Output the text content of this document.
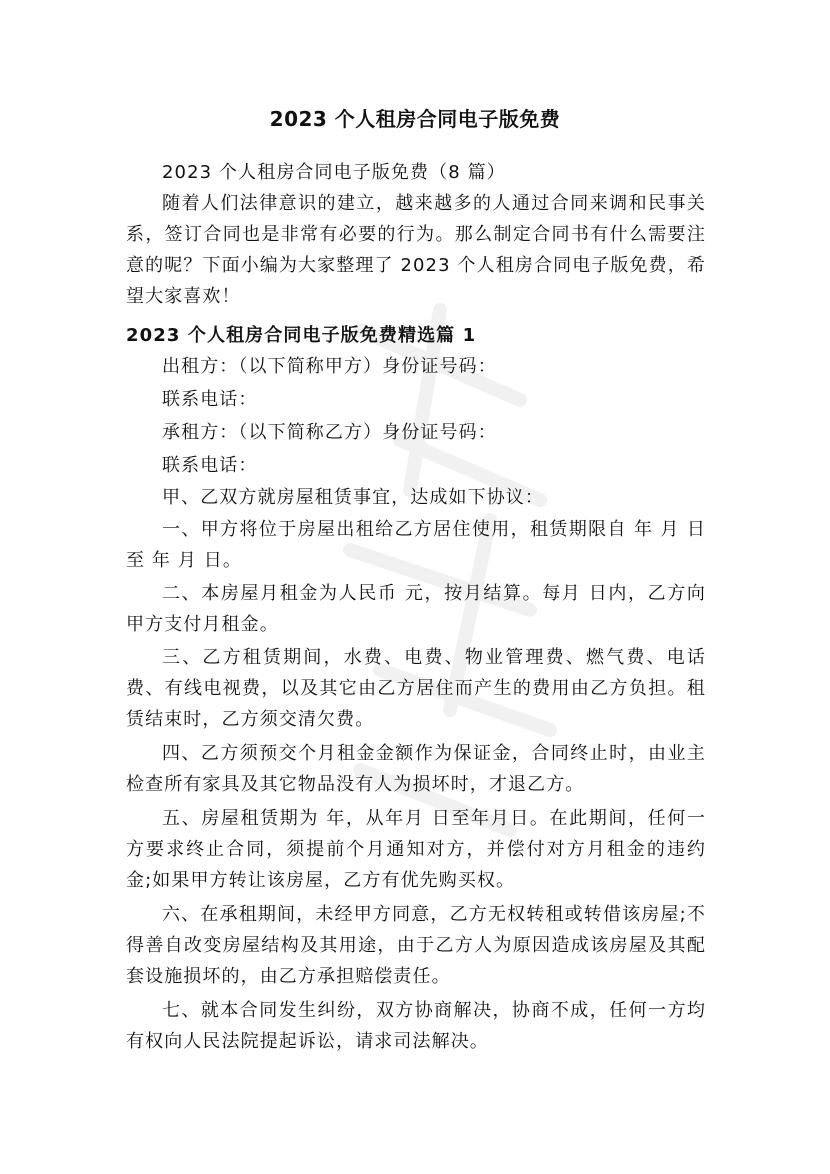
2023 个人租房合同电子版免费

2023 个人租房合同电子版免费（8 篇）

随着人们法律意识的建立，越来越多的人通过合同来调和民事关系，签订合同也是非常有必要的行为。那么制定合同书有什么需要注意的呢？下面小编为大家整理了 2023 个人租房合同电子版免费，希望大家喜欢！

2023 个人租房合同电子版免费精选篇 1

出租方：（以下简称甲方）身份证号码：

联系电话：

承租方：（以下简称乙方）身份证号码：

联系电话：

甲、乙双方就房屋租赁事宜，达成如下协议：

一、甲方将位于房屋出租给乙方居住使用，租赁期限自 年 月 日至 年 月 日。

二、本房屋月租金为人民币 元，按月结算。每月 日内，乙方向甲方支付月租金。

三、乙方租赁期间，水费、电费、物业管理费、燃气费、电话费、有线电视费，以及其它由乙方居住而产生的费用由乙方负担。租赁结束时，乙方须交清欠费。

四、乙方须预交个月租金金额作为保证金，合同终止时，由业主检查所有家具及其它物品没有人为损坏时，才退乙方。

五、房屋租赁期为 年，从年月 日至年月日。在此期间，任何一方要求终止合同，须提前个月通知对方，并偿付对方月租金的违约金;如果甲方转让该房屋，乙方有优先购买权。

六、在承租期间，未经甲方同意，乙方无权转租或转借该房屋;不得善自改变房屋结构及其用途，由于乙方人为原因造成该房屋及其配套设施损坏的，由乙方承担赔偿责任。

七、就本合同发生纠纷，双方协商解决，协商不成，任何一方均有权向人民法院提起诉讼，请求司法解决。
